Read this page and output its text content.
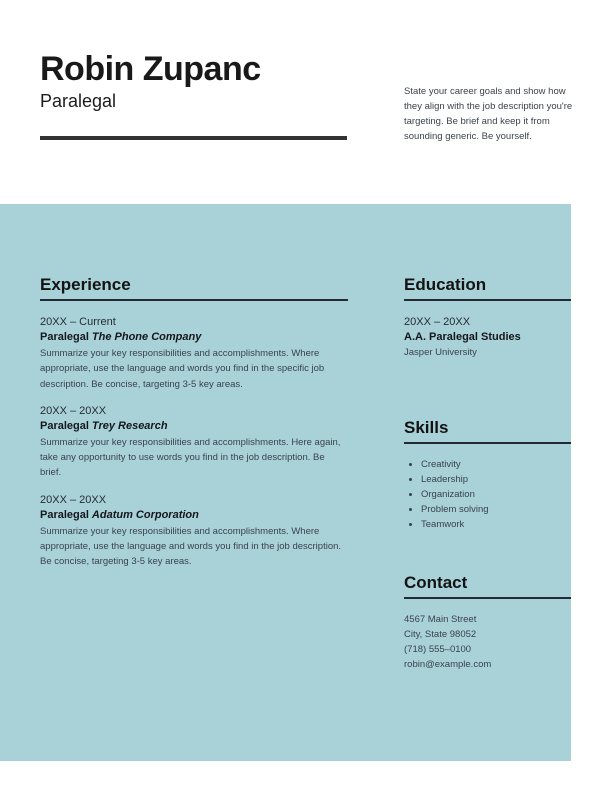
Robin Zupanc
Paralegal	State your career goals and show how they align with the job description you're targeting. Be brief and keep it from sounding generic. Be yourself.
Experience
20XX – Current
Paralegal The Phone Company
Summarize your key responsibilities and accomplishments. Where appropriate, use the language and words you find in the specific job description. Be concise, targeting 3-5 key areas.
20XX – 20XX
Paralegal Trey Research
Summarize your key responsibilities and accomplishments. Here again, take any opportunity to use words you find in the job description. Be brief.
20XX – 20XX
Paralegal Adatum Corporation
Summarize your key responsibilities and accomplishments. Where appropriate, use the language and words you find in the job description. Be concise, targeting 3-5 key areas.
Education
20XX – 20XX
A.A. Paralegal Studies
Jasper University
Skills
• Creativity
• Leadership
• Organization
• Problem solving
• Teamwork
Contact
4567 Main Street
City, State 98052
(718) 555–0100
robin@example.com
